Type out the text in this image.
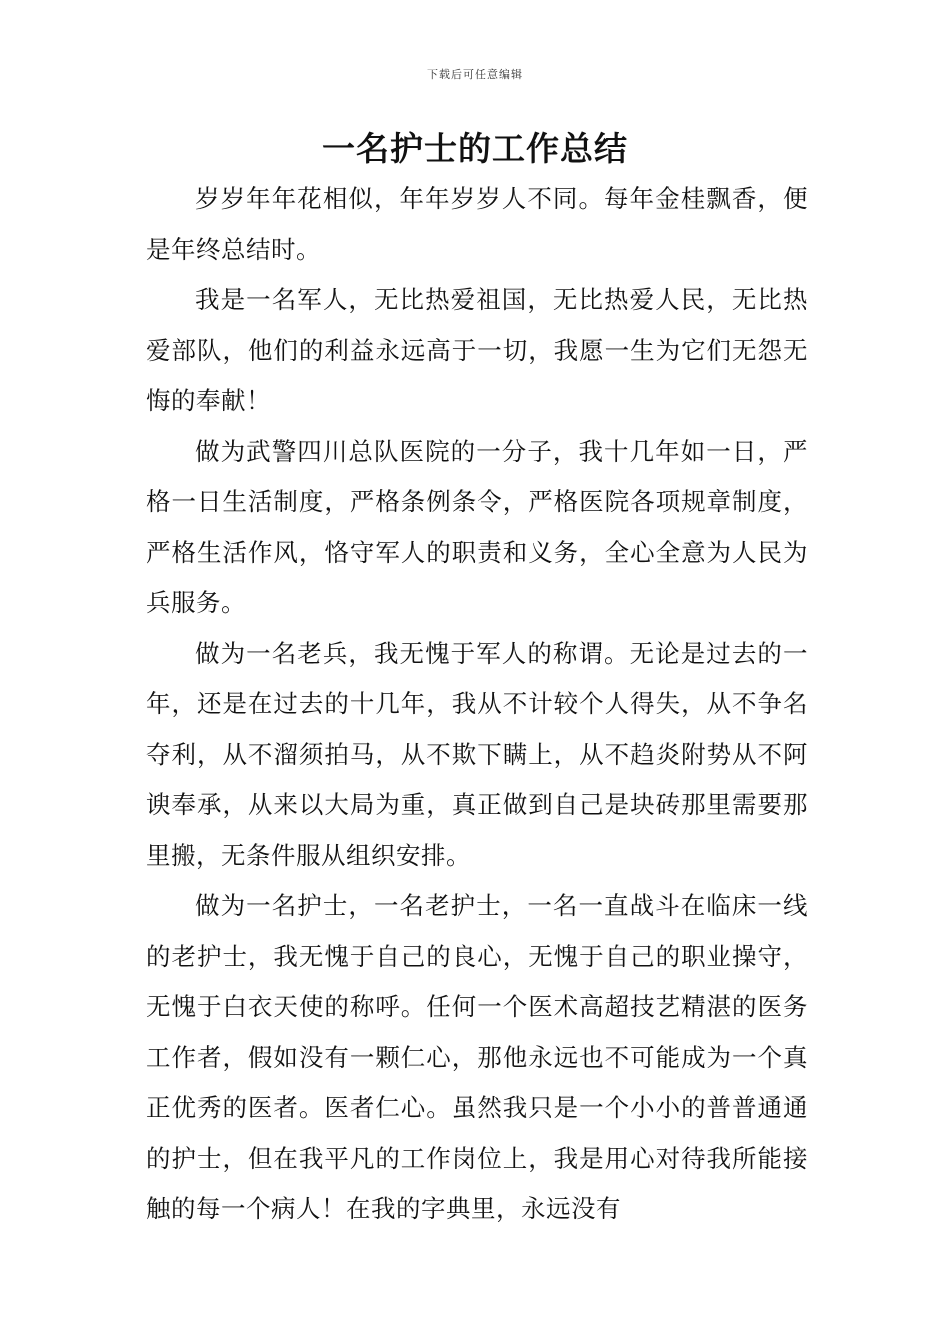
下载后可任意编辑
一名护士的工作总结

岁岁年年花相似，年年岁岁人不同。每年金桂飘香，便是年终总结时。

我是一名军人，无比热爱祖国，无比热爱人民，无比热爱部队，他们的利益永远高于一切，我愿一生为它们无怨无悔的奉献！

做为武警四川总队医院的一分子，我十几年如一日，严格一日生活制度，严格条例条令，严格医院各项规章制度，严格生活作风，恪守军人的职责和义务，全心全意为人民为兵服务。

做为一名老兵，我无愧于军人的称谓。无论是过去的一年，还是在过去的十几年，我从不计较个人得失，从不争名夺利，从不溜须拍马，从不欺下瞒上，从不趋炎附势从不阿谀奉承，从来以大局为重，真正做到自己是块砖那里需要那里搬，无条件服从组织安排。

做为一名护士，一名老护士，一名一直战斗在临床一线的老护士，我无愧于自己的良心，无愧于自己的职业操守，无愧于白衣天使的称呼。任何一个医术高超技艺精湛的医务工作者，假如没有一颗仁心，那他永远也不可能成为一个真正优秀的医者。医者仁心。虽然我只是一个小小的普普通通的护士，但在我平凡的工作岗位上，我是用心对待我所能接触的每一个病人！在我的字典里，永远没有
